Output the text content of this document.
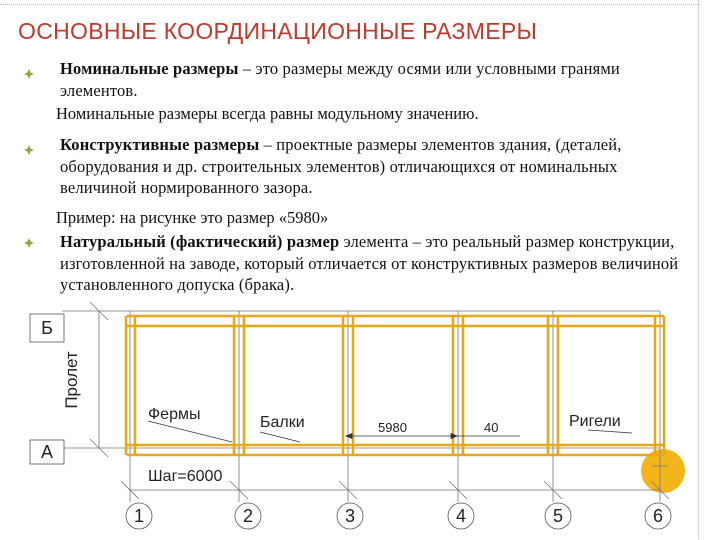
ОСНОВНЫЕ КООРДИНАЦИОННЫЕ РАЗМЕРЫ

Номинальные размеры – это размеры между осями или условными гранями элементов.

Номинальные размеры всегда равны модульному значению.

Конструктивные размеры – проектные размеры элементов здания, (деталей, оборудования и др. строительных элементов) отличающихся от номинальных величиной нормированного зазора.

Пример: на рисунке это размер «5980»

Натуральный (фактический) размер элемента – это реальный размер конструкции, изготовленной на заводе, который отличается от конструктивных размеров величиной установленного допуска (брака).

Б
А
Пролет
Фермы	Балки	5980	40	Ригели
Шаг=6000
1	2	3	4	5	6
